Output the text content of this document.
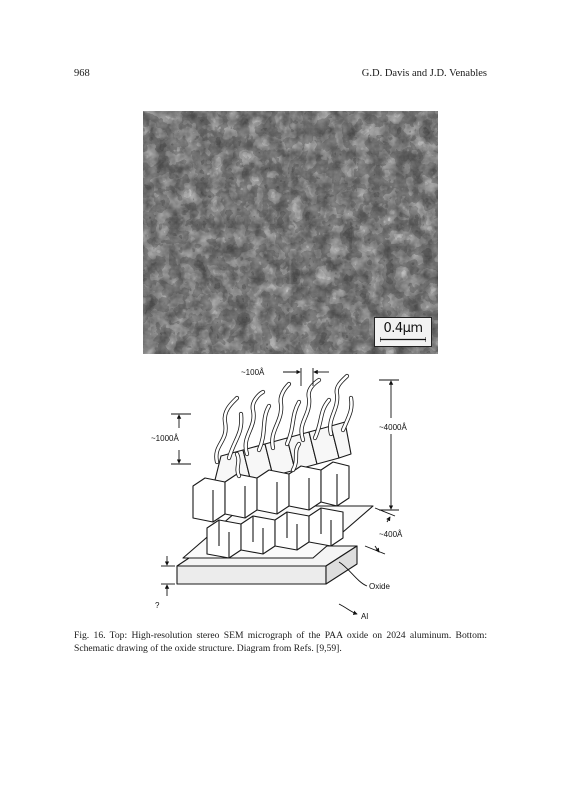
968	G.D. Davis and J.D. Venables
0.4μm
~100Å
~1000Å
~4000Å
~400Å
Oxide
?
Al
Fig. 16. Top: High-resolution stereo SEM micrograph of the PAA oxide on 2024 aluminum. Bottom: Schematic drawing of the oxide structure. Diagram from Refs. [9,59].
